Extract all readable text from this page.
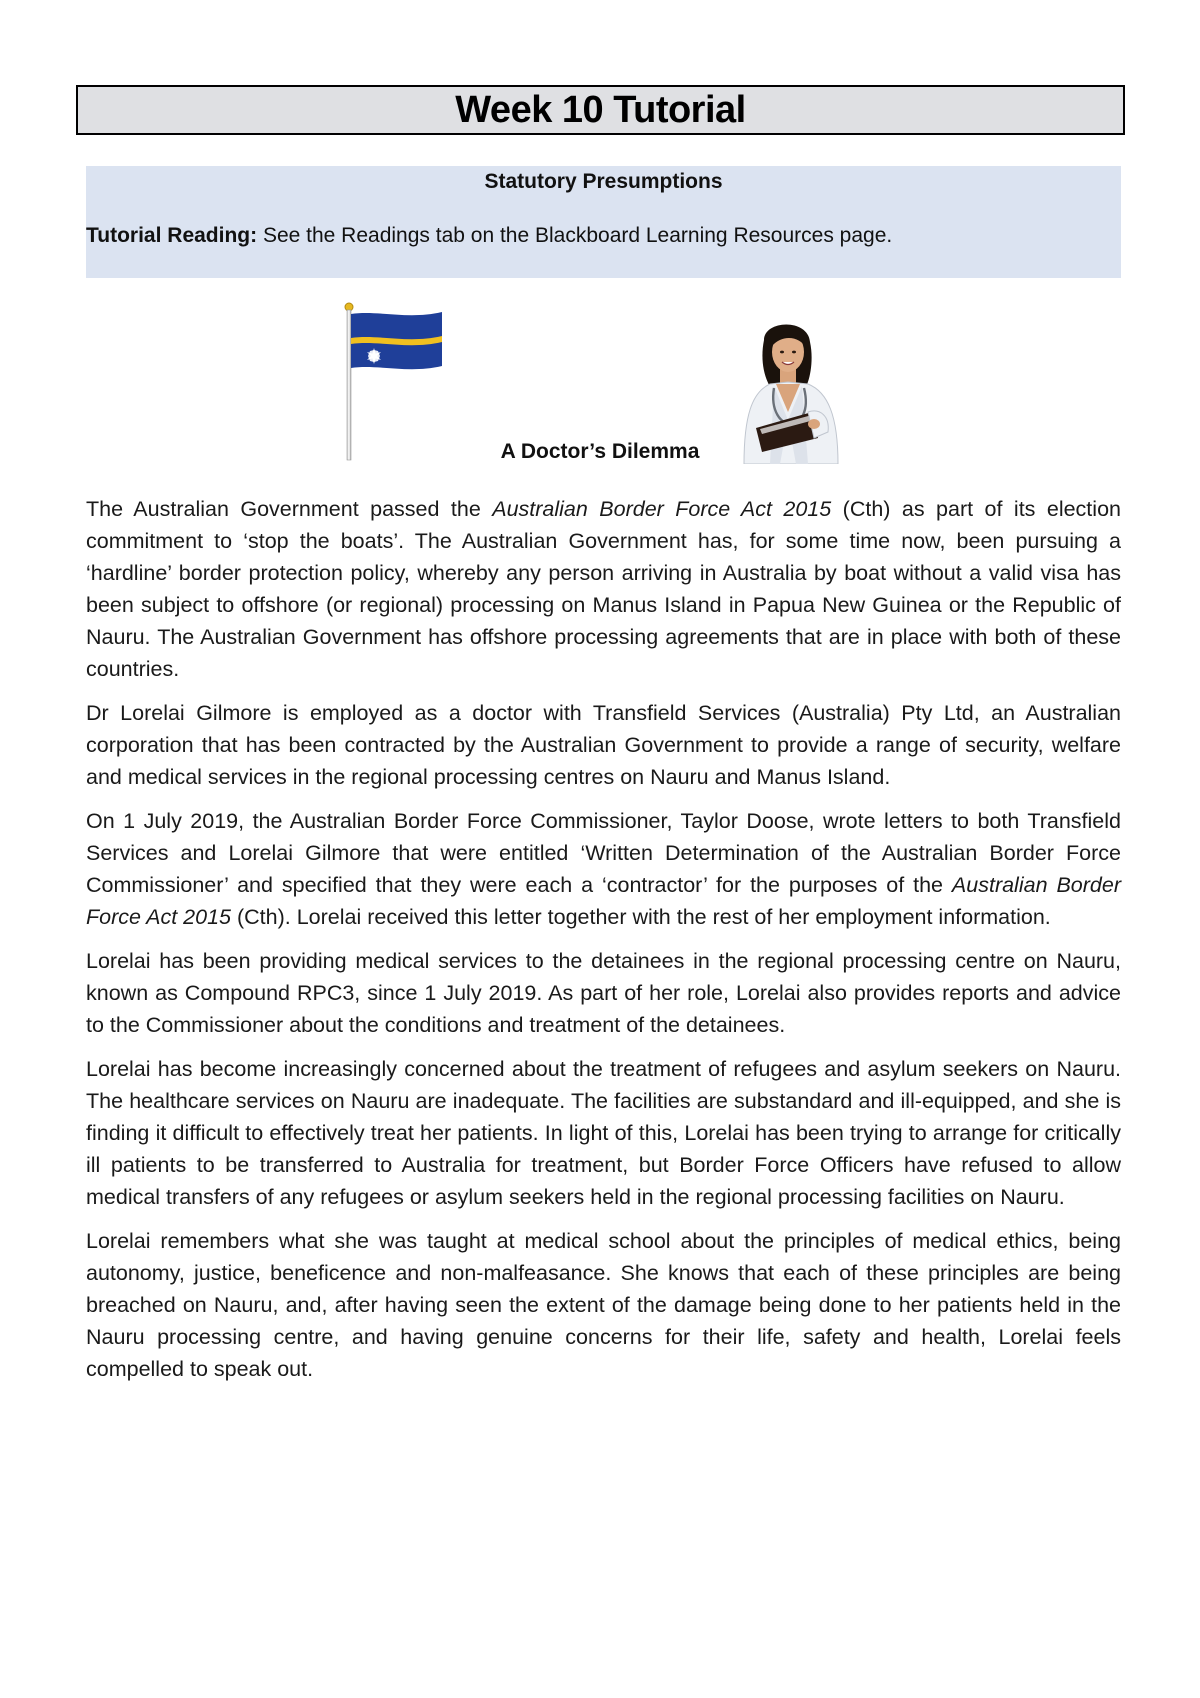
Week 10 Tutorial
Statutory Presumptions
Tutorial Reading: See the Readings tab on the Blackboard Learning Resources page.
A Doctor’s Dilemma

The Australian Government passed the Australian Border Force Act 2015 (Cth) as part of its election commitment to ‘stop the boats’. The Australian Government has, for some time now, been pursuing a ‘hardline’ border protection policy, whereby any person arriving in Australia by boat without a valid visa has been subject to offshore (or regional) processing on Manus Island in Papua New Guinea or the Republic of Nauru. The Australian Government has offshore processing agreements that are in place with both of these countries.

Dr Lorelai Gilmore is employed as a doctor with Transfield Services (Australia) Pty Ltd, an Australian corporation that has been contracted by the Australian Government to provide a range of security, welfare and medical services in the regional processing centres on Nauru and Manus Island.

On 1 July 2019, the Australian Border Force Commissioner, Taylor Doose, wrote letters to both Transfield Services and Lorelai Gilmore that were entitled ‘Written Determination of the Australian Border Force Commissioner’ and specified that they were each a ‘contractor’ for the purposes of the Australian Border Force Act 2015 (Cth). Lorelai received this letter together with the rest of her employment information.

Lorelai has been providing medical services to the detainees in the regional processing centre on Nauru, known as Compound RPC3, since 1 July 2019. As part of her role, Lorelai also provides reports and advice to the Commissioner about the conditions and treatment of the detainees.

Lorelai has become increasingly concerned about the treatment of refugees and asylum seekers on Nauru. The healthcare services on Nauru are inadequate. The facilities are substandard and ill-equipped, and she is finding it difficult to effectively treat her patients. In light of this, Lorelai has been trying to arrange for critically ill patients to be transferred to Australia for treatment, but Border Force Officers have refused to allow medical transfers of any refugees or asylum seekers held in the regional processing facilities on Nauru.

Lorelai remembers what she was taught at medical school about the principles of medical ethics, being autonomy, justice, beneficence and non-malfeasance. She knows that each of these principles are being breached on Nauru, and, after having seen the extent of the damage being done to her patients held in the Nauru processing centre, and having genuine concerns for their life, safety and health, Lorelai feels compelled to speak out.
